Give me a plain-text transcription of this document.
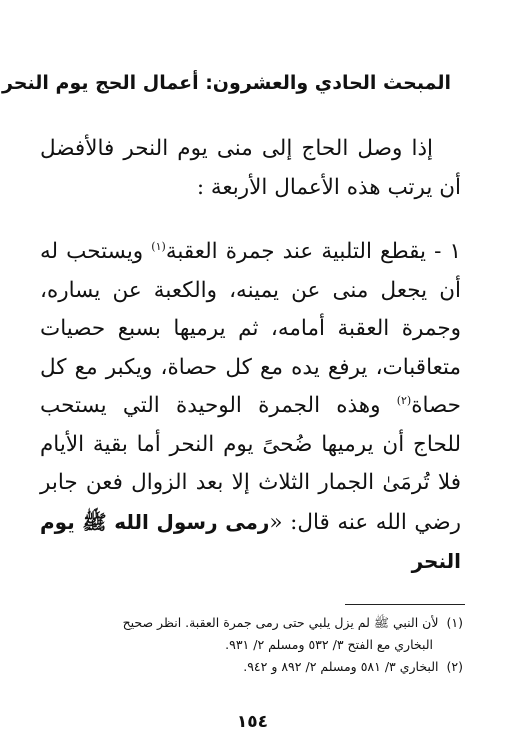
المبحث الحادي والعشرون: أعمال الحج يوم النحر

إذا وصل الحاج إلى منى يوم النحر فالأفضل أن يرتب هذه الأعمال الأربعة :

١ - يقطع التلبية عند جمرة العقبة$^{(١)}$ ويستحب له أن يجعل منى عن يمينه، والكعبة عن يساره، وجمرة العقبة أمامه، ثم يرميها بسبع حصيات متعاقبات، يرفع يده مع كل حصاة، ويكبر مع كل حصاة$^{(٢)}$ وهذه الجمرة الوحيدة التي يستحب للحاج أن يرميها ضُحىً يوم النحر أما بقية الأيام فلا تُرمَىٰ الجمار الثلاث إلا بعد الزوال فعن جابر رضي الله عنه قال: «رمى رسول الله ﷺ يوم النحر

(١)لأن النبي ﷺ لم يزل يلبي حتى رمى جمرة العقبة. انظر صحيح

البخاري مع الفتح ٣/ ٥٣٢ ومسلم ٢/ ٩٣١.

(٢)البخاري ٣/ ٥٨١ ومسلم ٢/ ٨٩٢ و ٩٤٢.

١٥٤
